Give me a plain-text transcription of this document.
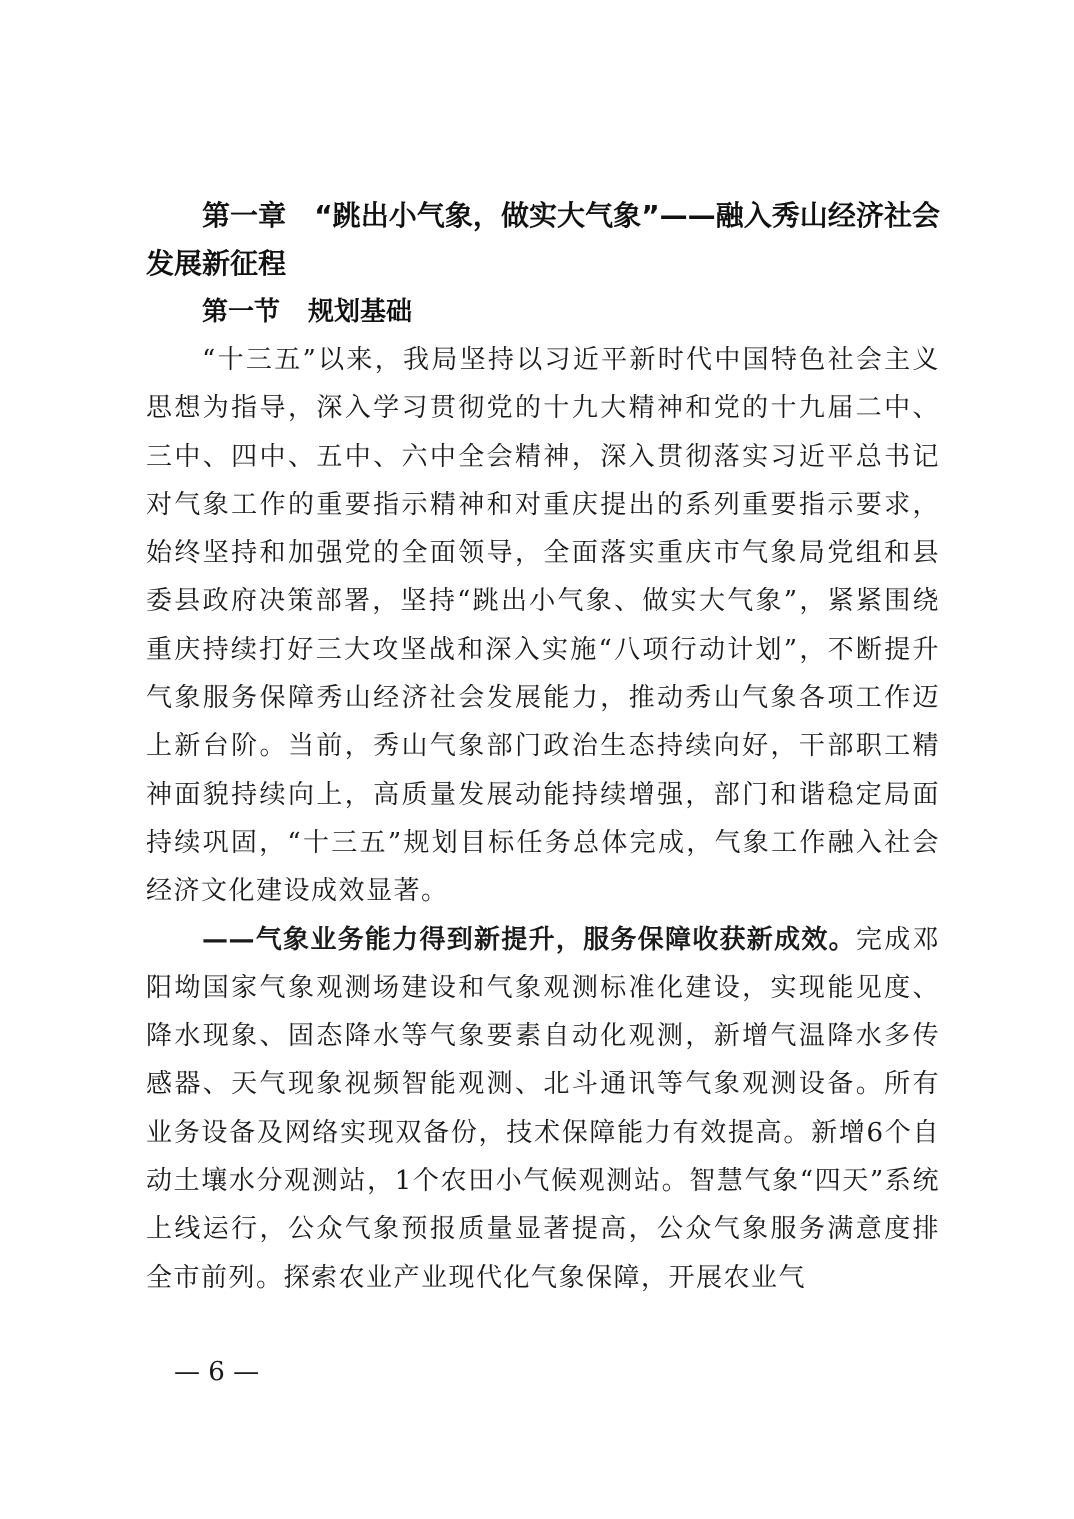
第一章　“跳出小气象，做实大气象”——融入秀山经济社会发展新征程
第一节 规划基础

“十三五”以来，我局坚持以习近平新时代中国特色社会主义思想为指导，深入学习贯彻党的十九大精神和党的十九届二中、三中、四中、五中、六中全会精神，深入贯彻落实习近平总书记对气象工作的重要指示精神和对重庆提出的系列重要指示要求，始终坚持和加强党的全面领导，全面落实重庆市气象局党组和县委县政府决策部署，坚持“跳出小气象、做实大气象”，紧紧围绕重庆持续打好三大攻坚战和深入实施“八项行动计划”，不断提升气象服务保障秀山经济社会发展能力，推动秀山气象各项工作迈上新台阶。当前，秀山气象部门政治生态持续向好，干部职工精神面貌持续向上，高质量发展动能持续增强，部门和谐稳定局面持续巩固，“十三五”规划目标任务总体完成，气象工作融入社会经济文化建设成效显著。

——气象业务能力得到新提升，服务保障收获新成效。完成邓阳坳国家气象观测场建设和气象观测标准化建设，实现能见度、降水现象、固态降水等气象要素自动化观测，新增气温降水多传感器、天气现象视频智能观测、北斗通讯等气象观测设备。所有业务设备及网络实现双备份，技术保障能力有效提高。新增6个自动土壤水分观测站，1个农田小气候观测站。智慧气象“四天”系统上线运行，公众气象预报质量显著提高，公众气象服务满意度排全市前列。探索农业产业现代化气象保障，开展农业气

— 6 —
